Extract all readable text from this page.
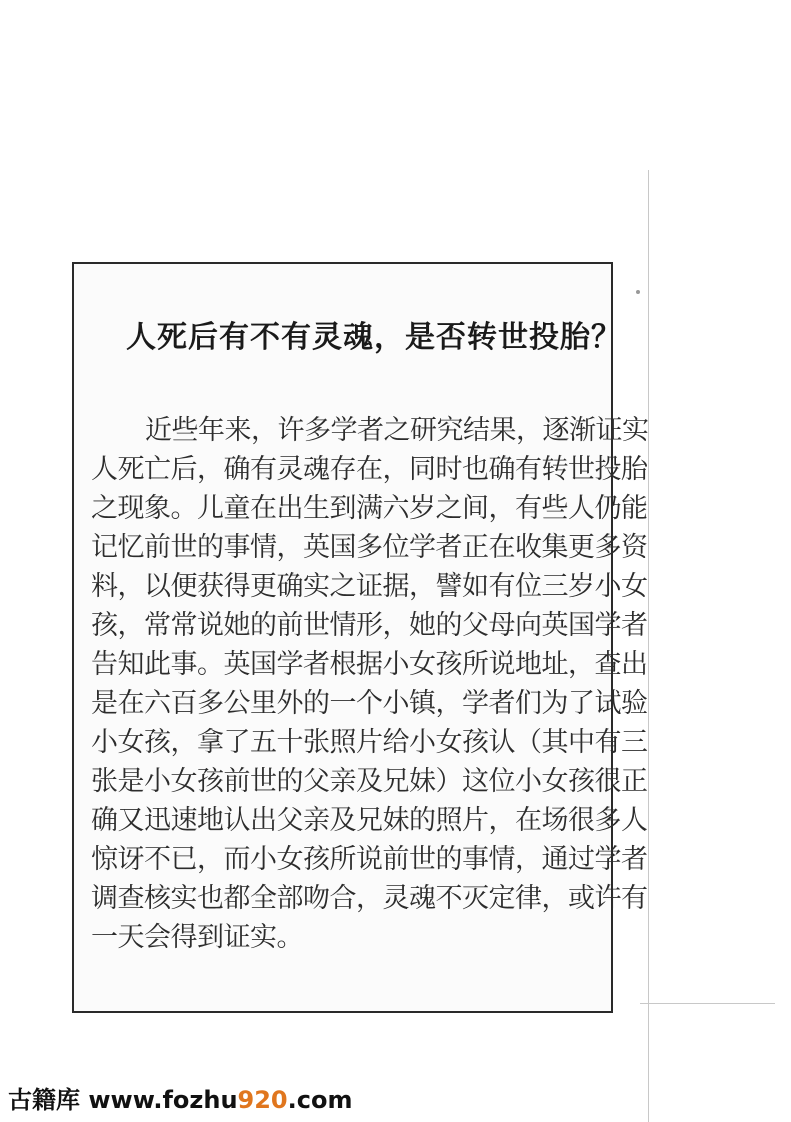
人死后有不有灵魂，是否转世投胎？
近些年来，许多学者之研究结果，逐渐证实
人死亡后，确有灵魂存在，同时也确有转世投胎
之现象。儿童在出生到满六岁之间，有些人仍能
记忆前世的事情，英国多位学者正在收集更多资
料，以便获得更确实之证据，譬如有位三岁小女
孩，常常说她的前世情形，她的父母向英国学者
告知此事。英国学者根据小女孩所说地址，查出
是在六百多公里外的一个小镇，学者们为了试验
小女孩，拿了五十张照片给小女孩认（其中有三
张是小女孩前世的父亲及兄妹）这位小女孩很正
确又迅速地认出父亲及兄妹的照片，在场很多人
惊讶不已，而小女孩所说前世的事情，通过学者
调查核实也都全部吻合，灵魂不灭定律，或许有
一天会得到证实。
古籍库 www.fozhu920.com
